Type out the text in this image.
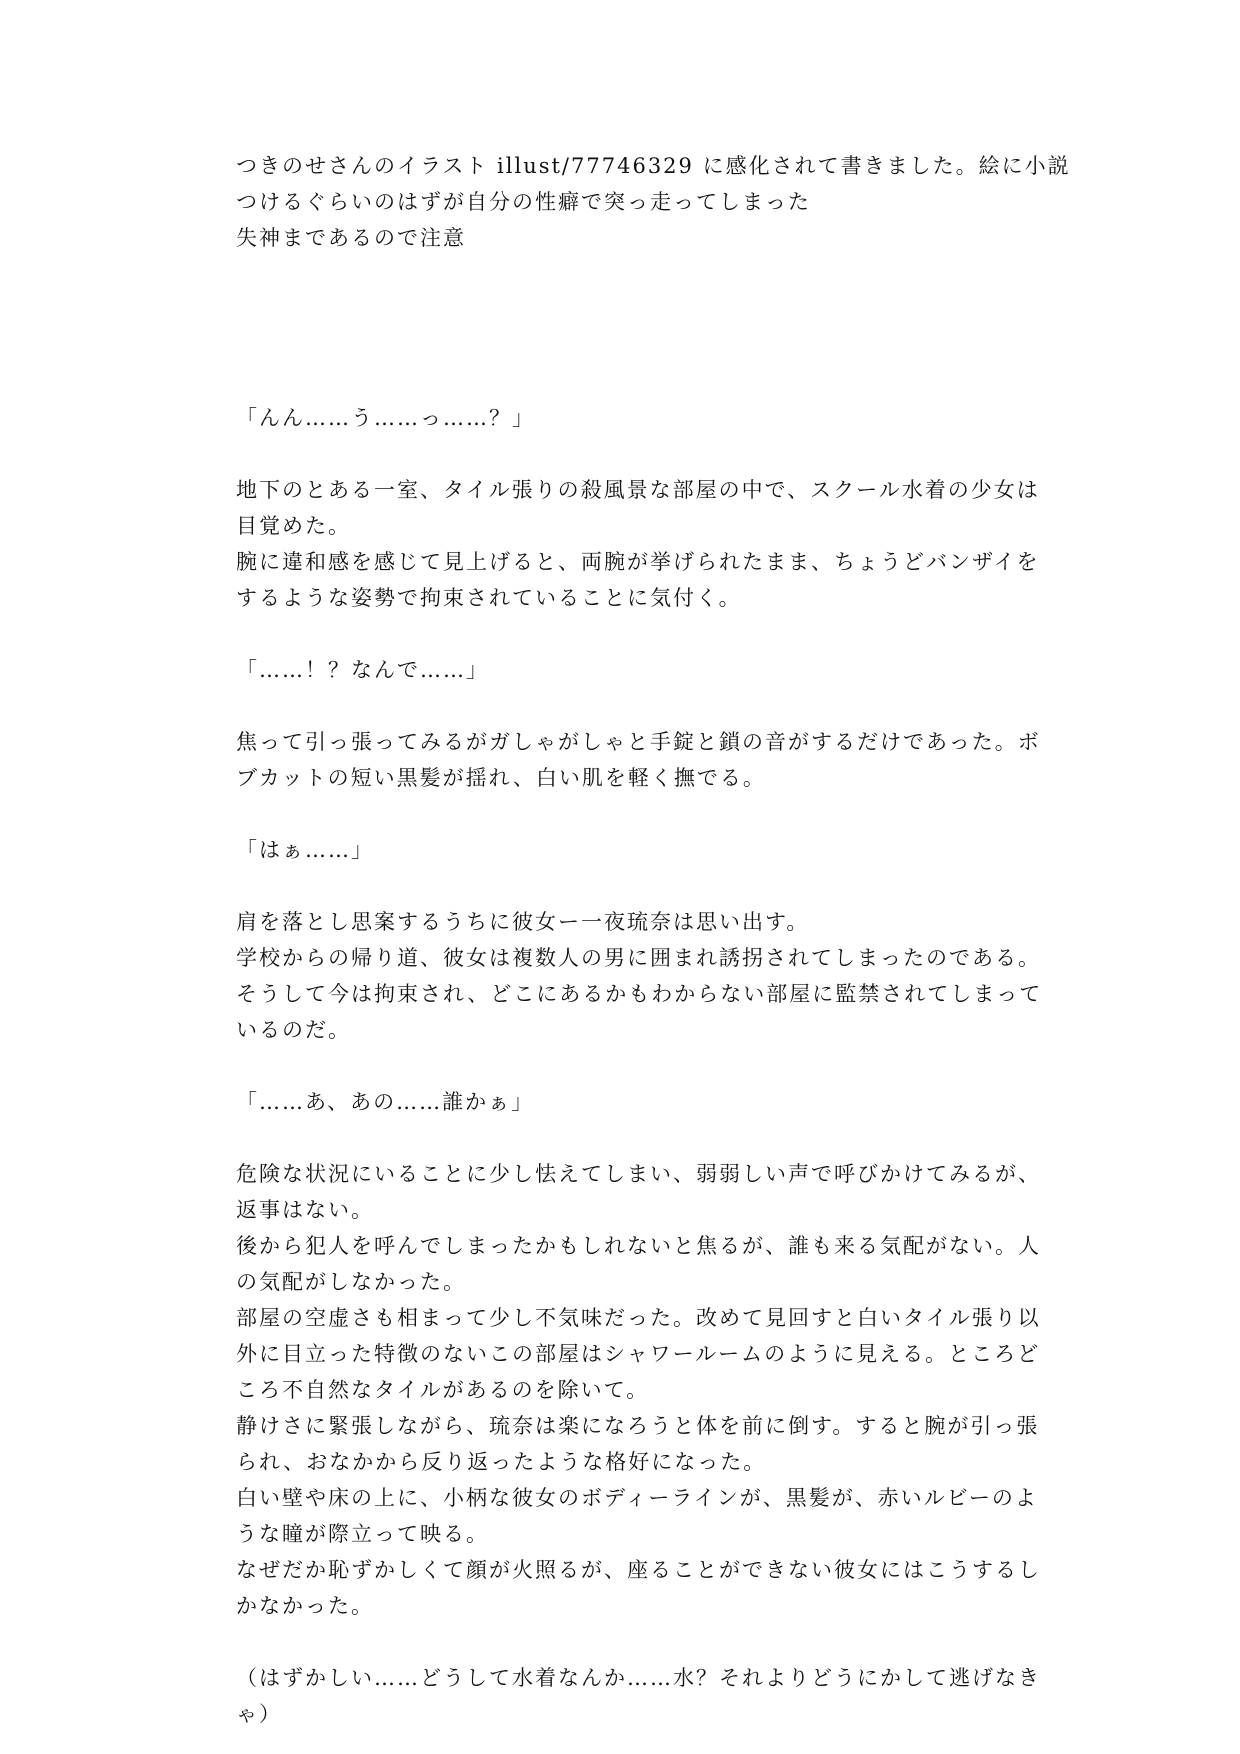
つきのせさんのイラスト illust/77746329 に感化されて書きました。絵に小説

つけるぐらいのはずが自分の性癖で突っ走ってしまった

失神まであるので注意

「んん……う……っ……？」

地下のとある一室、タイル張りの殺風景な部屋の中で、スクール水着の少女は

目覚めた。

腕に違和感を感じて見上げると、両腕が挙げられたまま、ちょうどバンザイを

するような姿勢で拘束されていることに気付く。

「……！？なんで……」

焦って引っ張ってみるがガしゃがしゃと手錠と鎖の音がするだけであった。ボ

ブカットの短い黒髪が揺れ、白い肌を軽く撫でる。

「はぁ……」

肩を落とし思案するうちに彼女ー一夜琉奈は思い出す。

学校からの帰り道、彼女は複数人の男に囲まれ誘拐されてしまったのである。

そうして今は拘束され、どこにあるかもわからない部屋に監禁されてしまって

いるのだ。

「……あ、あの……誰かぁ」

危険な状況にいることに少し怯えてしまい、弱弱しい声で呼びかけてみるが、

返事はない。

後から犯人を呼んでしまったかもしれないと焦るが、誰も来る気配がない。人

の気配がしなかった。

部屋の空虚さも相まって少し不気味だった。改めて見回すと白いタイル張り以

外に目立った特徴のないこの部屋はシャワールームのように見える。ところど

ころ不自然なタイルがあるのを除いて。

静けさに緊張しながら、琉奈は楽になろうと体を前に倒す。すると腕が引っ張

られ、おなかから反り返ったような格好になった。

白い壁や床の上に、小柄な彼女のボディーラインが、黒髪が、赤いルビーのよ

うな瞳が際立って映る。

なぜだか恥ずかしくて顔が火照るが、座ることができない彼女にはこうするし

かなかった。

（はずかしい……どうして水着なんか……水？それよりどうにかして逃げなき

ゃ）
